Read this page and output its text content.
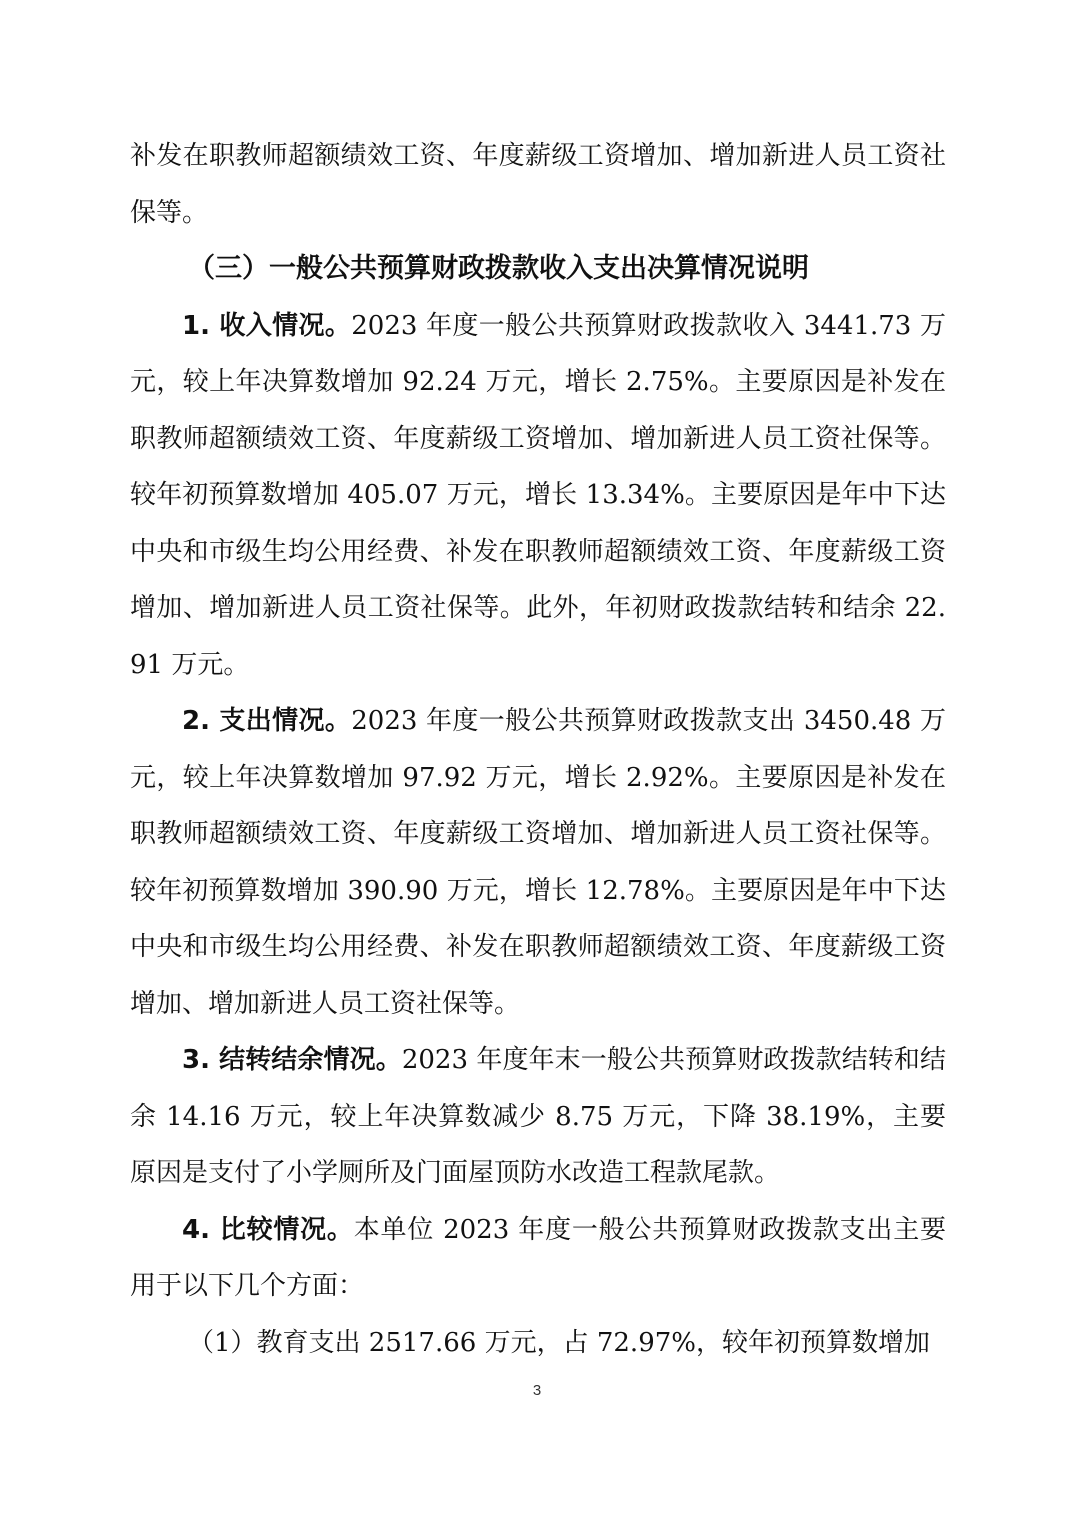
补发在职教师超额绩效工资、年度薪级工资增加、增加新进人员工资社保等。

（三）一般公共预算财政拨款收入支出决算情况说明

1. 收入情况。2023 年度一般公共预算财政拨款收入 3441.73 万元，较上年决算数增加 92.24 万元，增长 2.75%。主要原因是补发在职教师超额绩效工资、年度薪级工资增加、增加新进人员工资社保等。较年初预算数增加 405.07 万元，增长 13.34%。主要原因是年中下达中央和市级生均公用经费、补发在职教师超额绩效工资、年度薪级工资增加、增加新进人员工资社保等。此外，年初财政拨款结转和结余 22.91 万元。

2. 支出情况。2023 年度一般公共预算财政拨款支出 3450.48 万元，较上年决算数增加 97.92 万元，增长 2.92%。主要原因是补发在职教师超额绩效工资、年度薪级工资增加、增加新进人员工资社保等。较年初预算数增加 390.90 万元，增长 12.78%。主要原因是年中下达中央和市级生均公用经费、补发在职教师超额绩效工资、年度薪级工资增加、增加新进人员工资社保等。

3. 结转结余情况。2023 年度年末一般公共预算财政拨款结转和结余 14.16 万元，较上年决算数减少 8.75 万元，下降 38.19%，主要原因是支付了小学厕所及门面屋顶防水改造工程款尾款。

4. 比较情况。本单位 2023 年度一般公共预算财政拨款支出主要用于以下几个方面：

（1）教育支出 2517.66 万元，占 72.97%，较年初预算数增加

3
